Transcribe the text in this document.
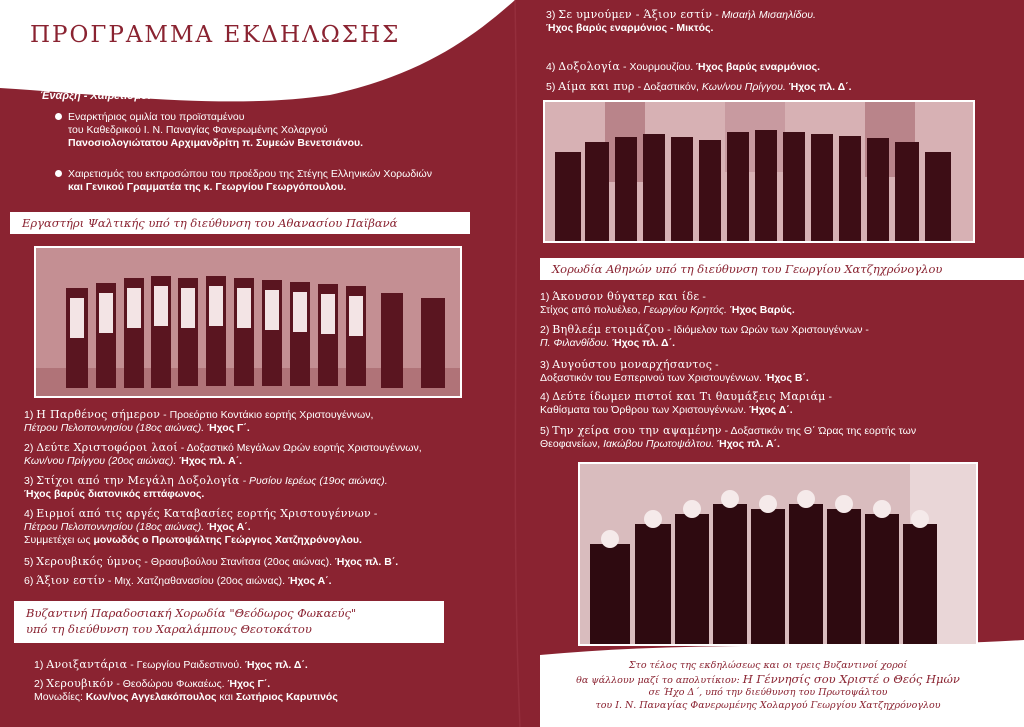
ΠΡΟΓΡΑΜΜΑ ΕΚΔΗΛΩΣΗΣ
Έναρξη - Χαιρετισμοί
Εναρκτήριος ομιλία του προϊσταμένου
του Καθεδρικού Ι. Ν. Παναγίας Φανερωμένης Χολαργού
Πανοσιολογιώτατου Αρχιμανδρίτη π. Συμεών Βενετσιάνου.
Χαιρετισμός του εκπροσώπου του προέδρου της Στέγης Ελληνικών Χορωδιών
και Γενικού Γραμματέα της κ. Γεωργίου Γεωργόπουλου.
Εργαστήρι Ψαλτικής υπό τη διεύθυνση του Αθανασίου Παϊβανά
1) Η Παρθένος σήμερον - Προεόρτιο Κοντάκιο εορτής Χριστουγέννων,
Πέτρου Πελοποννησίου (18ος αιώνας). Ήχος Γ΄.
2) Δεύτε Χριστοφόροι λαοί - Δοξαστικό Μεγάλων Ωρών εορτής Χριστουγέννων,
Κων/νου Πρίγγου (20ος αιώνας). Ήχος πλ. Α΄.
3) Στίχοι από την Μεγάλη Δοξολογία - Ρυσίου Ιερέως (19ος αιώνας).
Ήχος βαρύς διατονικός επτάφωνος.
4) Ειρμοί από τις αργές Καταβασίες εορτής Χριστουγέννων -
Πέτρου Πελοποννησίου (18ος αιώνας). Ήχος Α΄.
Συμμετέχει ως μονωδός ο Πρωτοψάλτης Γεώργιος Χατζηχρόνογλου.
5) Χερουβικός ύμνος - Θρασυβούλου Στανίτσα (20ος αιώνας). Ήχος πλ. Β΄.
6) Άξιον εστίν - Μιχ. Χατζηαθανασίου (20ος αιώνας). Ήχος Α΄.
Βυζαντινή Παραδοσιακή Χορωδία "Θεόδωρος Φωκαεύς"
υπό τη διεύθυνση του Χαραλάμπους Θεοτοκάτου
1) Ανοιξαντάρια - Γεωργίου Ραιδεστινού. Ήχος πλ. Δ΄.
2) Χερουβικόν - Θεοδώρου Φωκαέως. Ήχος Γ΄.
Μονωδίες: Κων/νος Αγγελακόπουλος και Σωτήριος Καρυτινός
3) Σε υμνούμεν - Άξιον εστίν - Μισαήλ Μισαηλίδου.
Ήχος βαρύς εναρμόνιος - Μικτός.
4) Δοξολογία - Χουρμουζίου. Ήχος βαρύς εναρμόνιος.
5) Αίμα και πυρ - Δοξαστικόν, Κων/νου Πρίγγου. Ήχος πλ. Δ΄.
Χορωδία Αθηνών υπό τη διεύθυνση του Γεωργίου Χατζηχρόνογλου
1) Άκουσον θύγατερ και ίδε -
Στίχος από πολυέλεο, Γεωργίου Κρητός. Ήχος Βαρύς.
2) Βηθλεέμ ετοιμάζου - Ιδιόμελον των Ωρών των Χριστουγέννων -
Π. Φιλανθίδου. Ήχος πλ. Δ΄.
3) Αυγούστου μοναρχήσαντος -
Δοξαστικόν του Εσπερινού των Χριστουγέννων. Ήχος Β΄.
4) Δεύτε ίδωμεν πιστοί και Τι θαυμάξεις Μαριάμ -
Καθίσματα του Όρθρου των Χριστουγέννων. Ήχος Δ΄.
5) Την χείρα σου την αψαμένην - Δοξαστικόν της Θ΄ Ώρας της εορτής των
Θεοφανείων, Ιακώβου Πρωτοψάλτου. Ήχος πλ. Α΄.
Στο τέλος της εκδηλώσεως και οι τρεις Βυζαντινοί χοροί
θα ψάλλουν μαζί το απολυτίκιον: Η Γέννησίς σου Χριστέ ο Θεός Ημών
σε Ήχο Δ΄, υπό την διεύθυνση του Πρωτοψάλτου
του Ι. Ν. Παναγίας Φανερωμένης Χολαργού Γεωργίου Χατζηχρόνογλου
